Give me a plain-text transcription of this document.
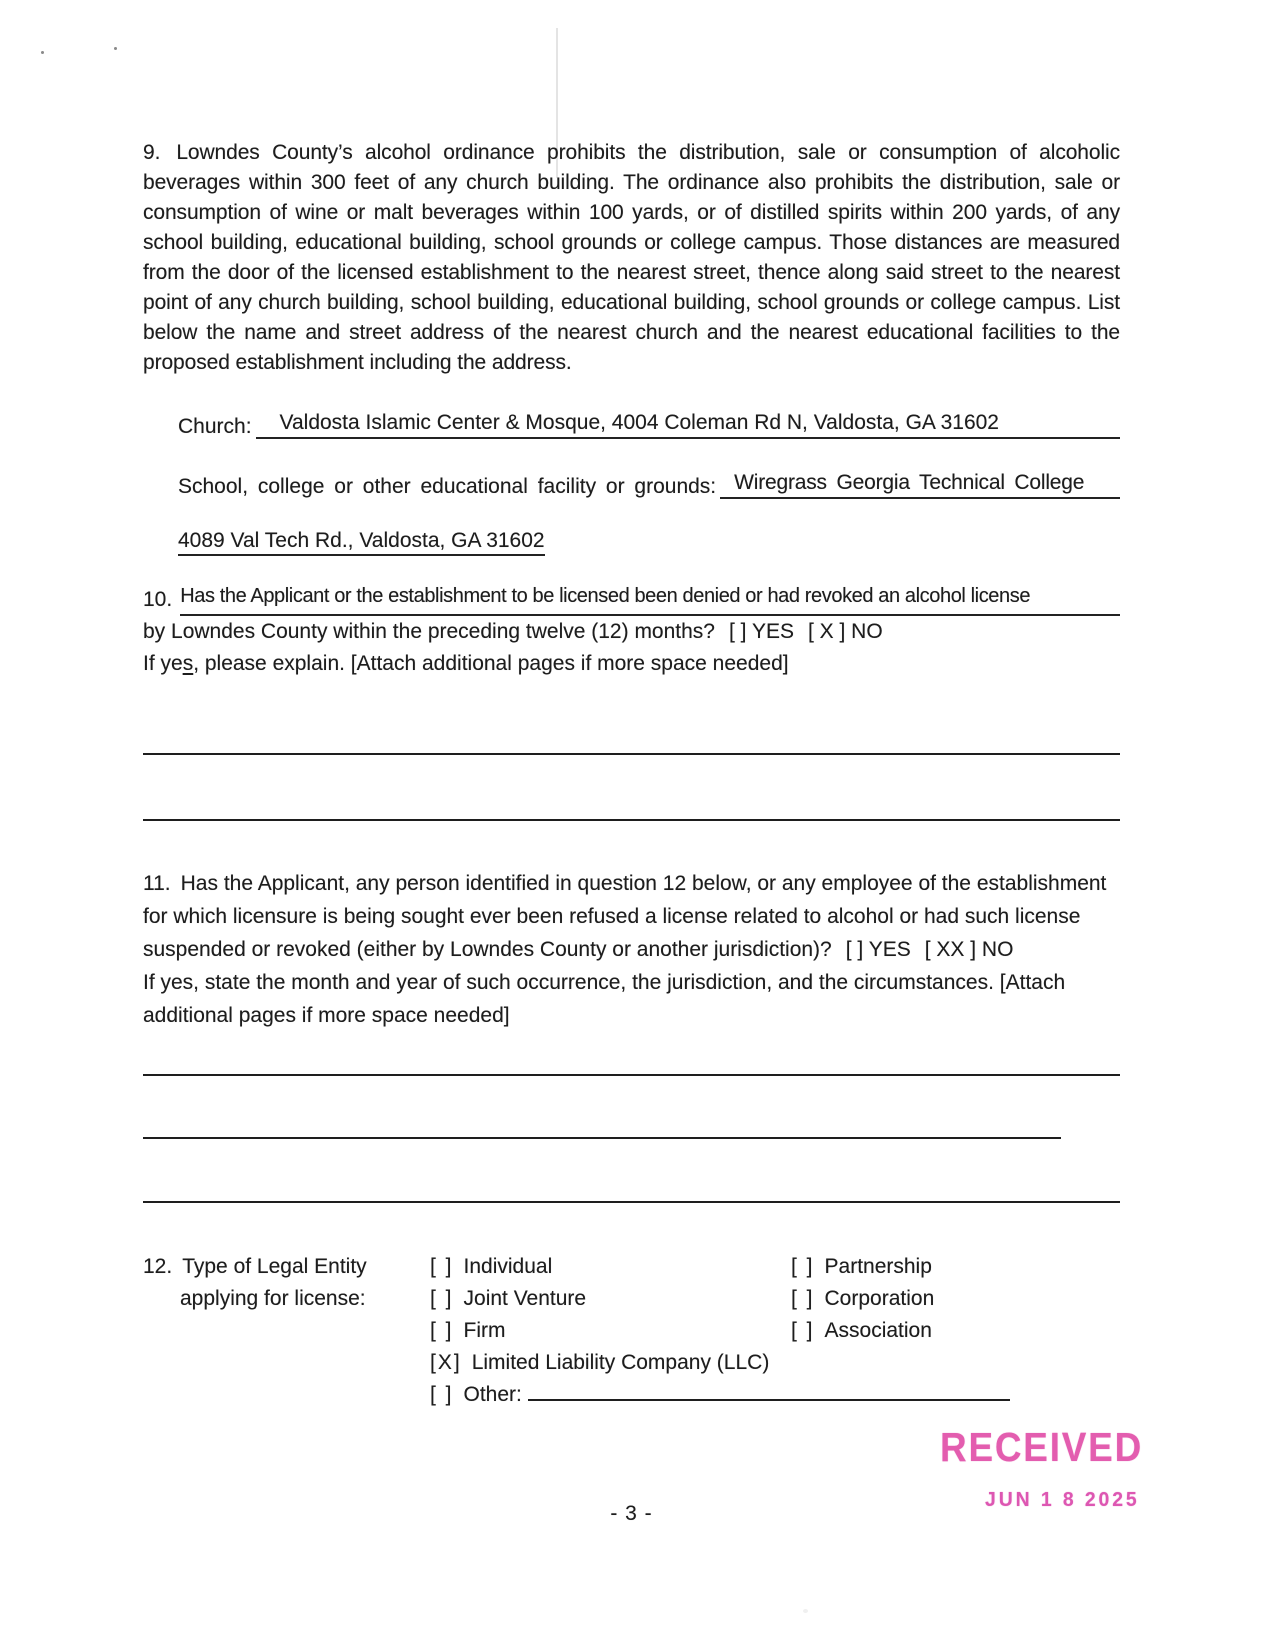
9. Lowndes County’s alcohol ordinance prohibits the distribution, sale or consumption of alcoholic beverages within 300 feet of any church building. The ordinance also prohibits the distribution, sale or consumption of wine or malt beverages within 100 yards, or of distilled spirits within 200 yards, of any school building, educational building, school grounds or college campus. Those distances are measured from the door of the licensed establishment to the nearest street, thence along said street to the nearest point of any church building, school building, educational building, school grounds or college campus. List below the name and street address of the nearest church and the nearest educational facilities to the proposed establishment including the address.

Church:	Valdosta Islamic Center & Mosque, 4004 Coleman Rd N, Valdosta, GA 31602
School, college or other educational facility or grounds: Wiregrass Georgia Technical College
4089 Val Tech Rd., Valdosta, GA 31602
10. Has the Applicant or the establishment to be licensed been denied or had revoked an alcohol license
by Lowndes County within the preceding twelve (12) months? [ ] YES [ X ] NO
If yes, please explain. [Attach additional pages if more space needed]
11. Has the Applicant, any person identified in question 12 below, or any employee of the establishment for which licensure is being sought ever been refused a license related to alcohol or had such license suspended or revoked (either by Lowndes County or another jurisdiction)? [ ] YES [ XX ] NO
If yes, state the month and year of such occurrence, the jurisdiction, and the circumstances. [Attach additional pages if more space needed]
12. Type of Legal Entity
applying for license:
[ ] Individual
[ ] Joint Venture
[ ] Firm
[X] Limited Liability Company (LLC)
[ ] Other:
[ ] Partnership
[ ] Corporation
[ ] Association
RECEIVED
JUN 1 8 2025
- 3 -
